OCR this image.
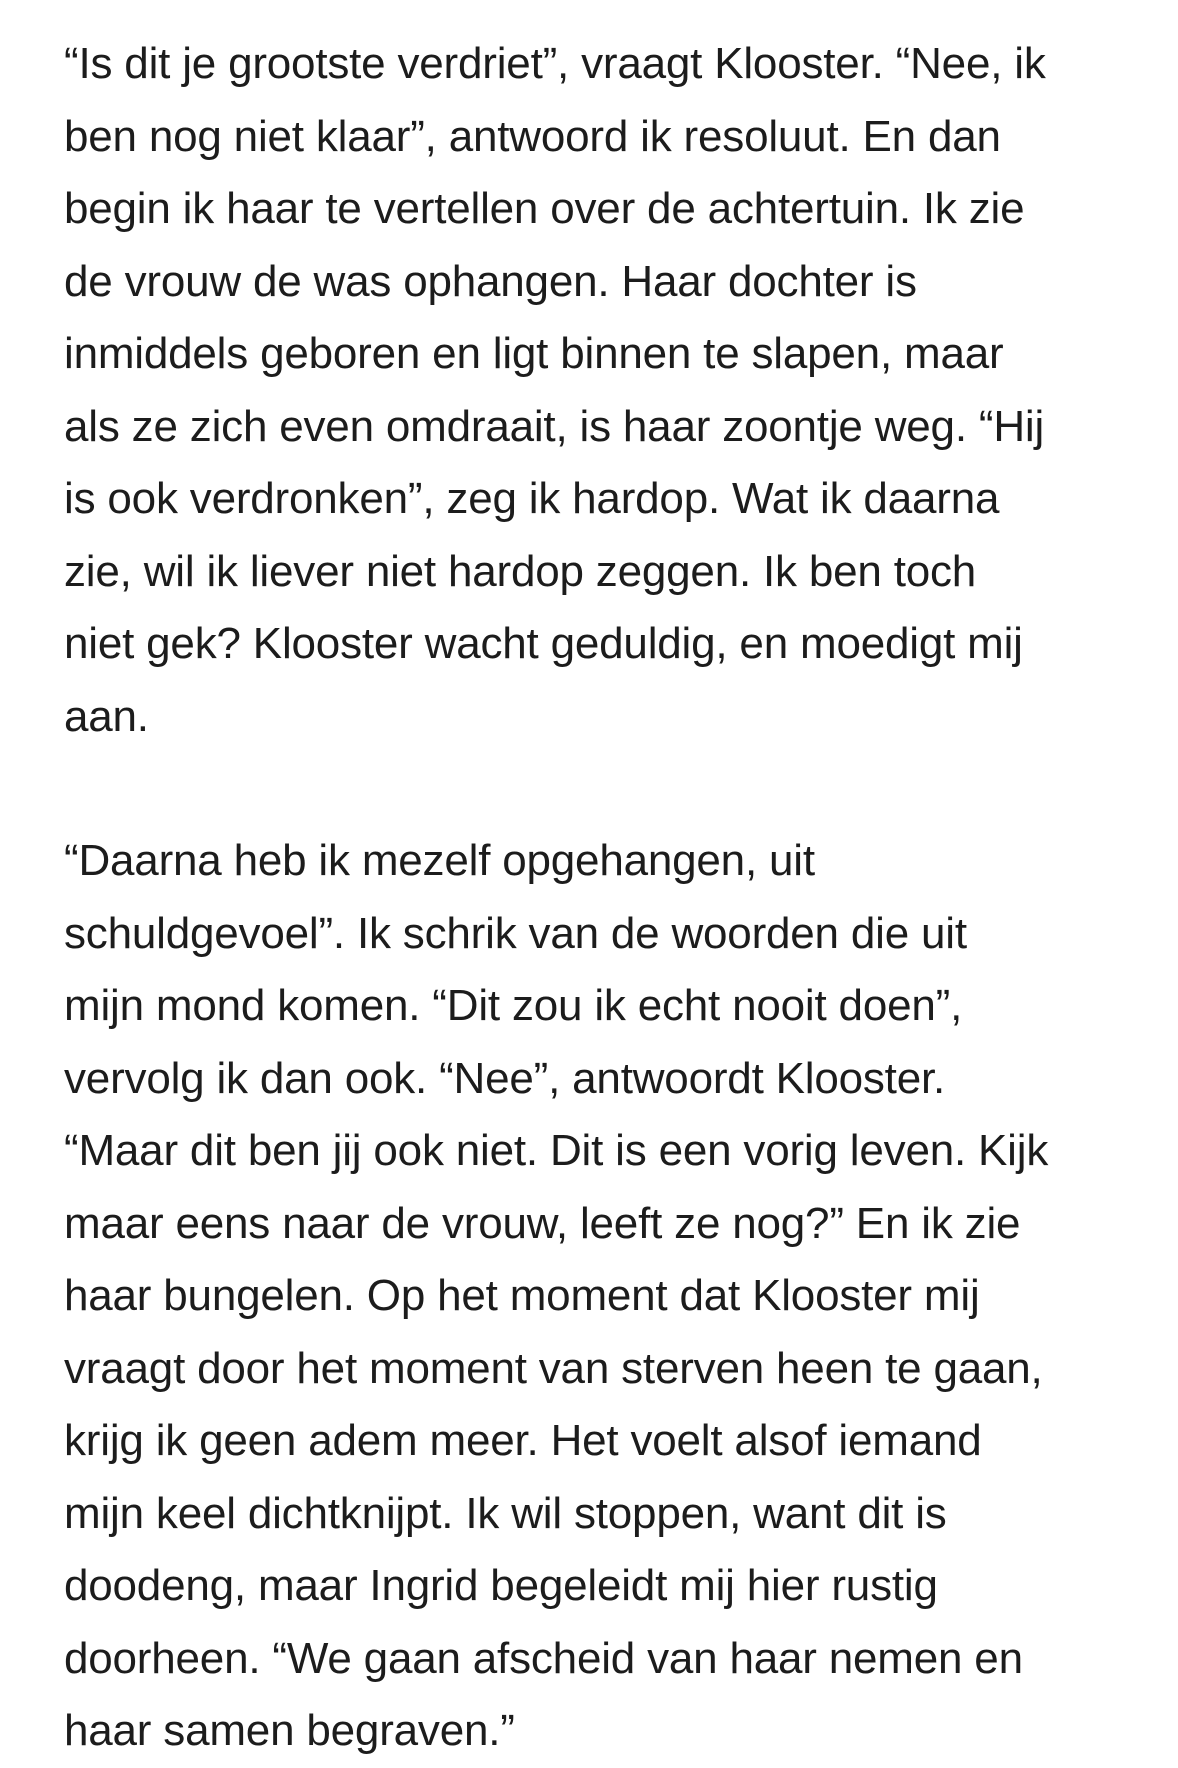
“Is dit je grootste verdriet”, vraagt Klooster. “Nee, ik
ben nog niet klaar”, antwoord ik resoluut. En dan
begin ik haar te vertellen over de achtertuin. Ik zie
de vrouw de was ophangen. Haar dochter is
inmiddels geboren en ligt binnen te slapen, maar
als ze zich even omdraait, is haar zoontje weg. “Hij
is ook verdronken”, zeg ik hardop. Wat ik daarna
zie, wil ik liever niet hardop zeggen. Ik ben toch
niet gek? Klooster wacht geduldig, en moedigt mij
aan.

“Daarna heb ik mezelf opgehangen, uit
schuldgevoel”. Ik schrik van de woorden die uit
mijn mond komen. “Dit zou ik echt nooit doen”,
vervolg ik dan ook. “Nee”, antwoordt Klooster.
“Maar dit ben jij ook niet. Dit is een vorig leven. Kijk
maar eens naar de vrouw, leeft ze nog?” En ik zie
haar bungelen. Op het moment dat Klooster mij
vraagt door het moment van sterven heen te gaan,
krijg ik geen adem meer. Het voelt alsof iemand
mijn keel dichtknijpt. Ik wil stoppen, want dit is
doodeng, maar Ingrid begeleidt mij hier rustig
doorheen. “We gaan afscheid van haar nemen en
haar samen begraven.”
